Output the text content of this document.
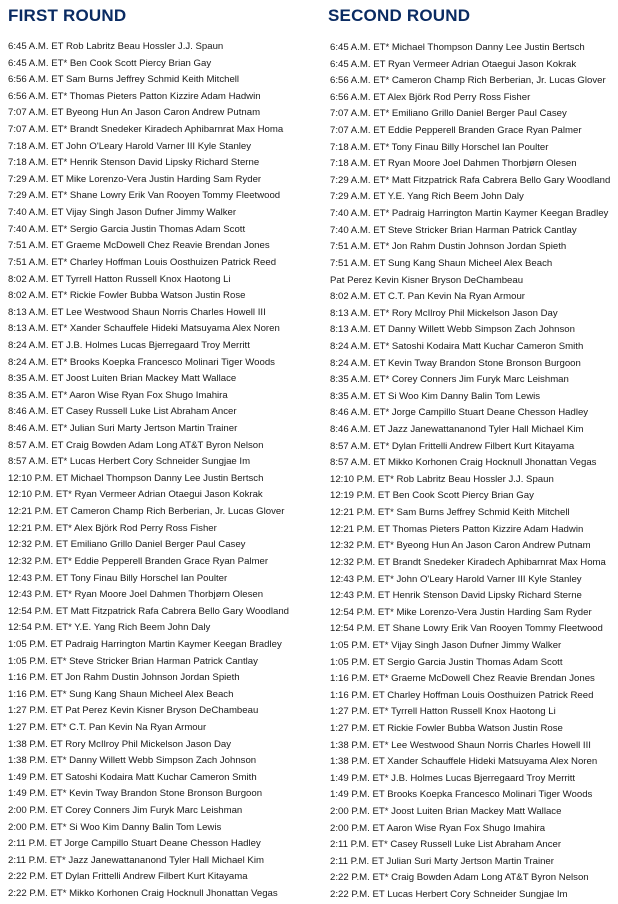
FIRST ROUND
6:45 A.M. ET Rob Labritz Beau Hossler J.J. Spaun
6:45 A.M. ET* Ben Cook Scott Piercy Brian Gay
6:56 A.M. ET Sam Burns Jeffrey Schmid Keith Mitchell
6:56 A.M. ET* Thomas Pieters Patton Kizzire Adam Hadwin
7:07 A.M. ET Byeong Hun An Jason Caron Andrew Putnam
7:07 A.M. ET* Brandt Snedeker Kiradech Aphibarnrat Max Homa
7:18 A.M. ET John O'Leary Harold Varner III Kyle Stanley
7:18 A.M. ET* Henrik Stenson David Lipsky Richard Sterne
7:29 A.M. ET Mike Lorenzo-Vera Justin Harding Sam Ryder
7:29 A.M. ET* Shane Lowry Erik Van Rooyen Tommy Fleetwood
7:40 A.M. ET Vijay Singh Jason Dufner Jimmy Walker
7:40 A.M. ET* Sergio Garcia Justin Thomas Adam Scott
7:51 A.M. ET Graeme McDowell Chez Reavie Brendan Jones
7:51 A.M. ET* Charley Hoffman Louis Oosthuizen Patrick Reed
8:02 A.M. ET Tyrrell Hatton Russell Knox Haotong Li
8:02 A.M. ET* Rickie Fowler Bubba Watson Justin Rose
8:13 A.M. ET Lee Westwood Shaun Norris Charles Howell III
8:13 A.M. ET* Xander Schauffele Hideki Matsuyama Alex Noren
8:24 A.M. ET J.B. Holmes Lucas Bjerregaard Troy Merritt
8:24 A.M. ET* Brooks Koepka Francesco Molinari Tiger Woods
8:35 A.M. ET Joost Luiten Brian Mackey Matt Wallace
8:35 A.M. ET* Aaron Wise Ryan Fox Shugo Imahira
8:46 A.M. ET Casey Russell Luke List Abraham Ancer
8:46 A.M. ET* Julian Suri Marty Jertson Martin Trainer
8:57 A.M. ET Craig Bowden Adam Long AT&T Byron Nelson
8:57 A.M. ET* Lucas Herbert Cory Schneider Sungjae Im
12:10 P.M. ET Michael Thompson Danny Lee Justin Bertsch
12:10 P.M. ET* Ryan Vermeer Adrian Otaegui Jason Kokrak
12:21 P.M. ET Cameron Champ Rich Berberian, Jr. Lucas Glover
12:21 P.M. ET* Alex Björk Rod Perry Ross Fisher
12:32 P.M. ET Emiliano Grillo Daniel Berger Paul Casey
12:32 P.M. ET* Eddie Pepperell Branden Grace Ryan Palmer
12:43 P.M. ET Tony Finau Billy Horschel Ian Poulter
12:43 P.M. ET* Ryan Moore Joel Dahmen Thorbjørn Olesen
12:54 P.M. ET Matt Fitzpatrick Rafa Cabrera Bello Gary Woodland
12:54 P.M. ET* Y.E. Yang Rich Beem John Daly
1:05 P.M. ET Padraig Harrington Martin Kaymer Keegan Bradley
1:05 P.M. ET* Steve Stricker Brian Harman Patrick Cantlay
1:16 P.M. ET Jon Rahm Dustin Johnson Jordan Spieth
1:16 P.M. ET* Sung Kang Shaun Micheel Alex Beach
1:27 P.M. ET Pat Perez Kevin Kisner Bryson DeChambeau
1:27 P.M. ET* C.T. Pan Kevin Na Ryan Armour
1:38 P.M. ET Rory McIlroy Phil Mickelson Jason Day
1:38 P.M. ET* Danny Willett Webb Simpson Zach Johnson
1:49 P.M. ET Satoshi Kodaira Matt Kuchar Cameron Smith
1:49 P.M. ET* Kevin Tway Brandon Stone Bronson Burgoon
2:00 P.M. ET Corey Conners Jim Furyk Marc Leishman
2:00 P.M. ET* Si Woo Kim Danny Balin Tom Lewis
2:11 P.M. ET Jorge Campillo Stuart Deane Chesson Hadley
2:11 P.M. ET* Jazz Janewattananond Tyler Hall Michael Kim
2:22 P.M. ET Dylan Frittelli Andrew Filbert Kurt Kitayama
2:22 P.M. ET* Mikko Korhonen Craig Hocknull Jhonattan Vegas
SECOND ROUND
6:45 A.M. ET* Michael Thompson Danny Lee Justin Bertsch
6:45 A.M. ET Ryan Vermeer Adrian Otaegui Jason Kokrak
6:56 A.M. ET* Cameron Champ Rich Berberian, Jr. Lucas Glover
6:56 A.M. ET Alex Björk Rod Perry Ross Fisher
7:07 A.M. ET* Emiliano Grillo Daniel Berger Paul Casey
7:07 A.M. ET Eddie Pepperell Branden Grace Ryan Palmer
7:18 A.M. ET* Tony Finau Billy Horschel Ian Poulter
7:18 A.M. ET Ryan Moore Joel Dahmen Thorbjørn Olesen
7:29 A.M. ET* Matt Fitzpatrick Rafa Cabrera Bello Gary Woodland
7:29 A.M. ET Y.E. Yang Rich Beem John Daly
7:40 A.M. ET* Padraig Harrington Martin Kaymer Keegan Bradley
7:40 A.M. ET Steve Stricker Brian Harman Patrick Cantlay
7:51 A.M. ET* Jon Rahm Dustin Johnson Jordan Spieth
7:51 A.M. ET Sung Kang Shaun Micheel Alex Beach
Pat Perez Kevin Kisner Bryson DeChambeau
8:02 A.M. ET C.T. Pan Kevin Na Ryan Armour
8:13 A.M. ET* Rory McIlroy Phil Mickelson Jason Day
8:13 A.M. ET Danny Willett Webb Simpson Zach Johnson
8:24 A.M. ET* Satoshi Kodaira Matt Kuchar Cameron Smith
8:24 A.M. ET Kevin Tway Brandon Stone Bronson Burgoon
8:35 A.M. ET* Corey Conners Jim Furyk Marc Leishman
8:35 A.M. ET Si Woo Kim Danny Balin Tom Lewis
8:46 A.M. ET* Jorge Campillo Stuart Deane Chesson Hadley
8:46 A.M. ET Jazz Janewattananond Tyler Hall Michael Kim
8:57 A.M. ET* Dylan Frittelli Andrew Filbert Kurt Kitayama
8:57 A.M. ET Mikko Korhonen Craig Hocknull Jhonattan Vegas
12:10 P.M. ET* Rob Labritz Beau Hossler J.J. Spaun
12:19 P.M. ET Ben Cook Scott Piercy Brian Gay
12:21 P.M. ET* Sam Burns Jeffrey Schmid Keith Mitchell
12:21 P.M. ET Thomas Pieters Patton Kizzire Adam Hadwin
12:32 P.M. ET* Byeong Hun An Jason Caron Andrew Putnam
12:32 P.M. ET Brandt Snedeker Kiradech Aphibarnrat Max Homa
12:43 P.M. ET* John O'Leary Harold Varner III Kyle Stanley
12:43 P.M. ET Henrik Stenson David Lipsky Richard Sterne
12:54 P.M. ET* Mike Lorenzo-Vera Justin Harding Sam Ryder
12:54 P.M. ET Shane Lowry Erik Van Rooyen Tommy Fleetwood
1:05 P.M. ET* Vijay Singh Jason Dufner Jimmy Walker
1:05 P.M. ET Sergio Garcia Justin Thomas Adam Scott
1:16 P.M. ET* Graeme McDowell Chez Reavie Brendan Jones
1:16 P.M. ET Charley Hoffman Louis Oosthuizen Patrick Reed
1:27 P.M. ET* Tyrrell Hatton Russell Knox Haotong Li
1:27 P.M. ET Rickie Fowler Bubba Watson Justin Rose
1:38 P.M. ET* Lee Westwood Shaun Norris Charles Howell III
1:38 P.M. ET Xander Schauffele Hideki Matsuyama Alex Noren
1:49 P.M. ET* J.B. Holmes Lucas Bjerregaard Troy Merritt
1:49 P.M. ET Brooks Koepka Francesco Molinari Tiger Woods
2:00 P.M. ET* Joost Luiten Brian Mackey Matt Wallace
2:00 P.M. ET Aaron Wise Ryan Fox Shugo Imahira
2:11 P.M. ET* Casey Russell Luke List Abraham Ancer
2:11 P.M. ET Julian Suri Marty Jertson Martin Trainer
2:22 P.M. ET* Craig Bowden Adam Long AT&T Byron Nelson
2:22 P.M. ET Lucas Herbert Cory Schneider Sungjae Im
